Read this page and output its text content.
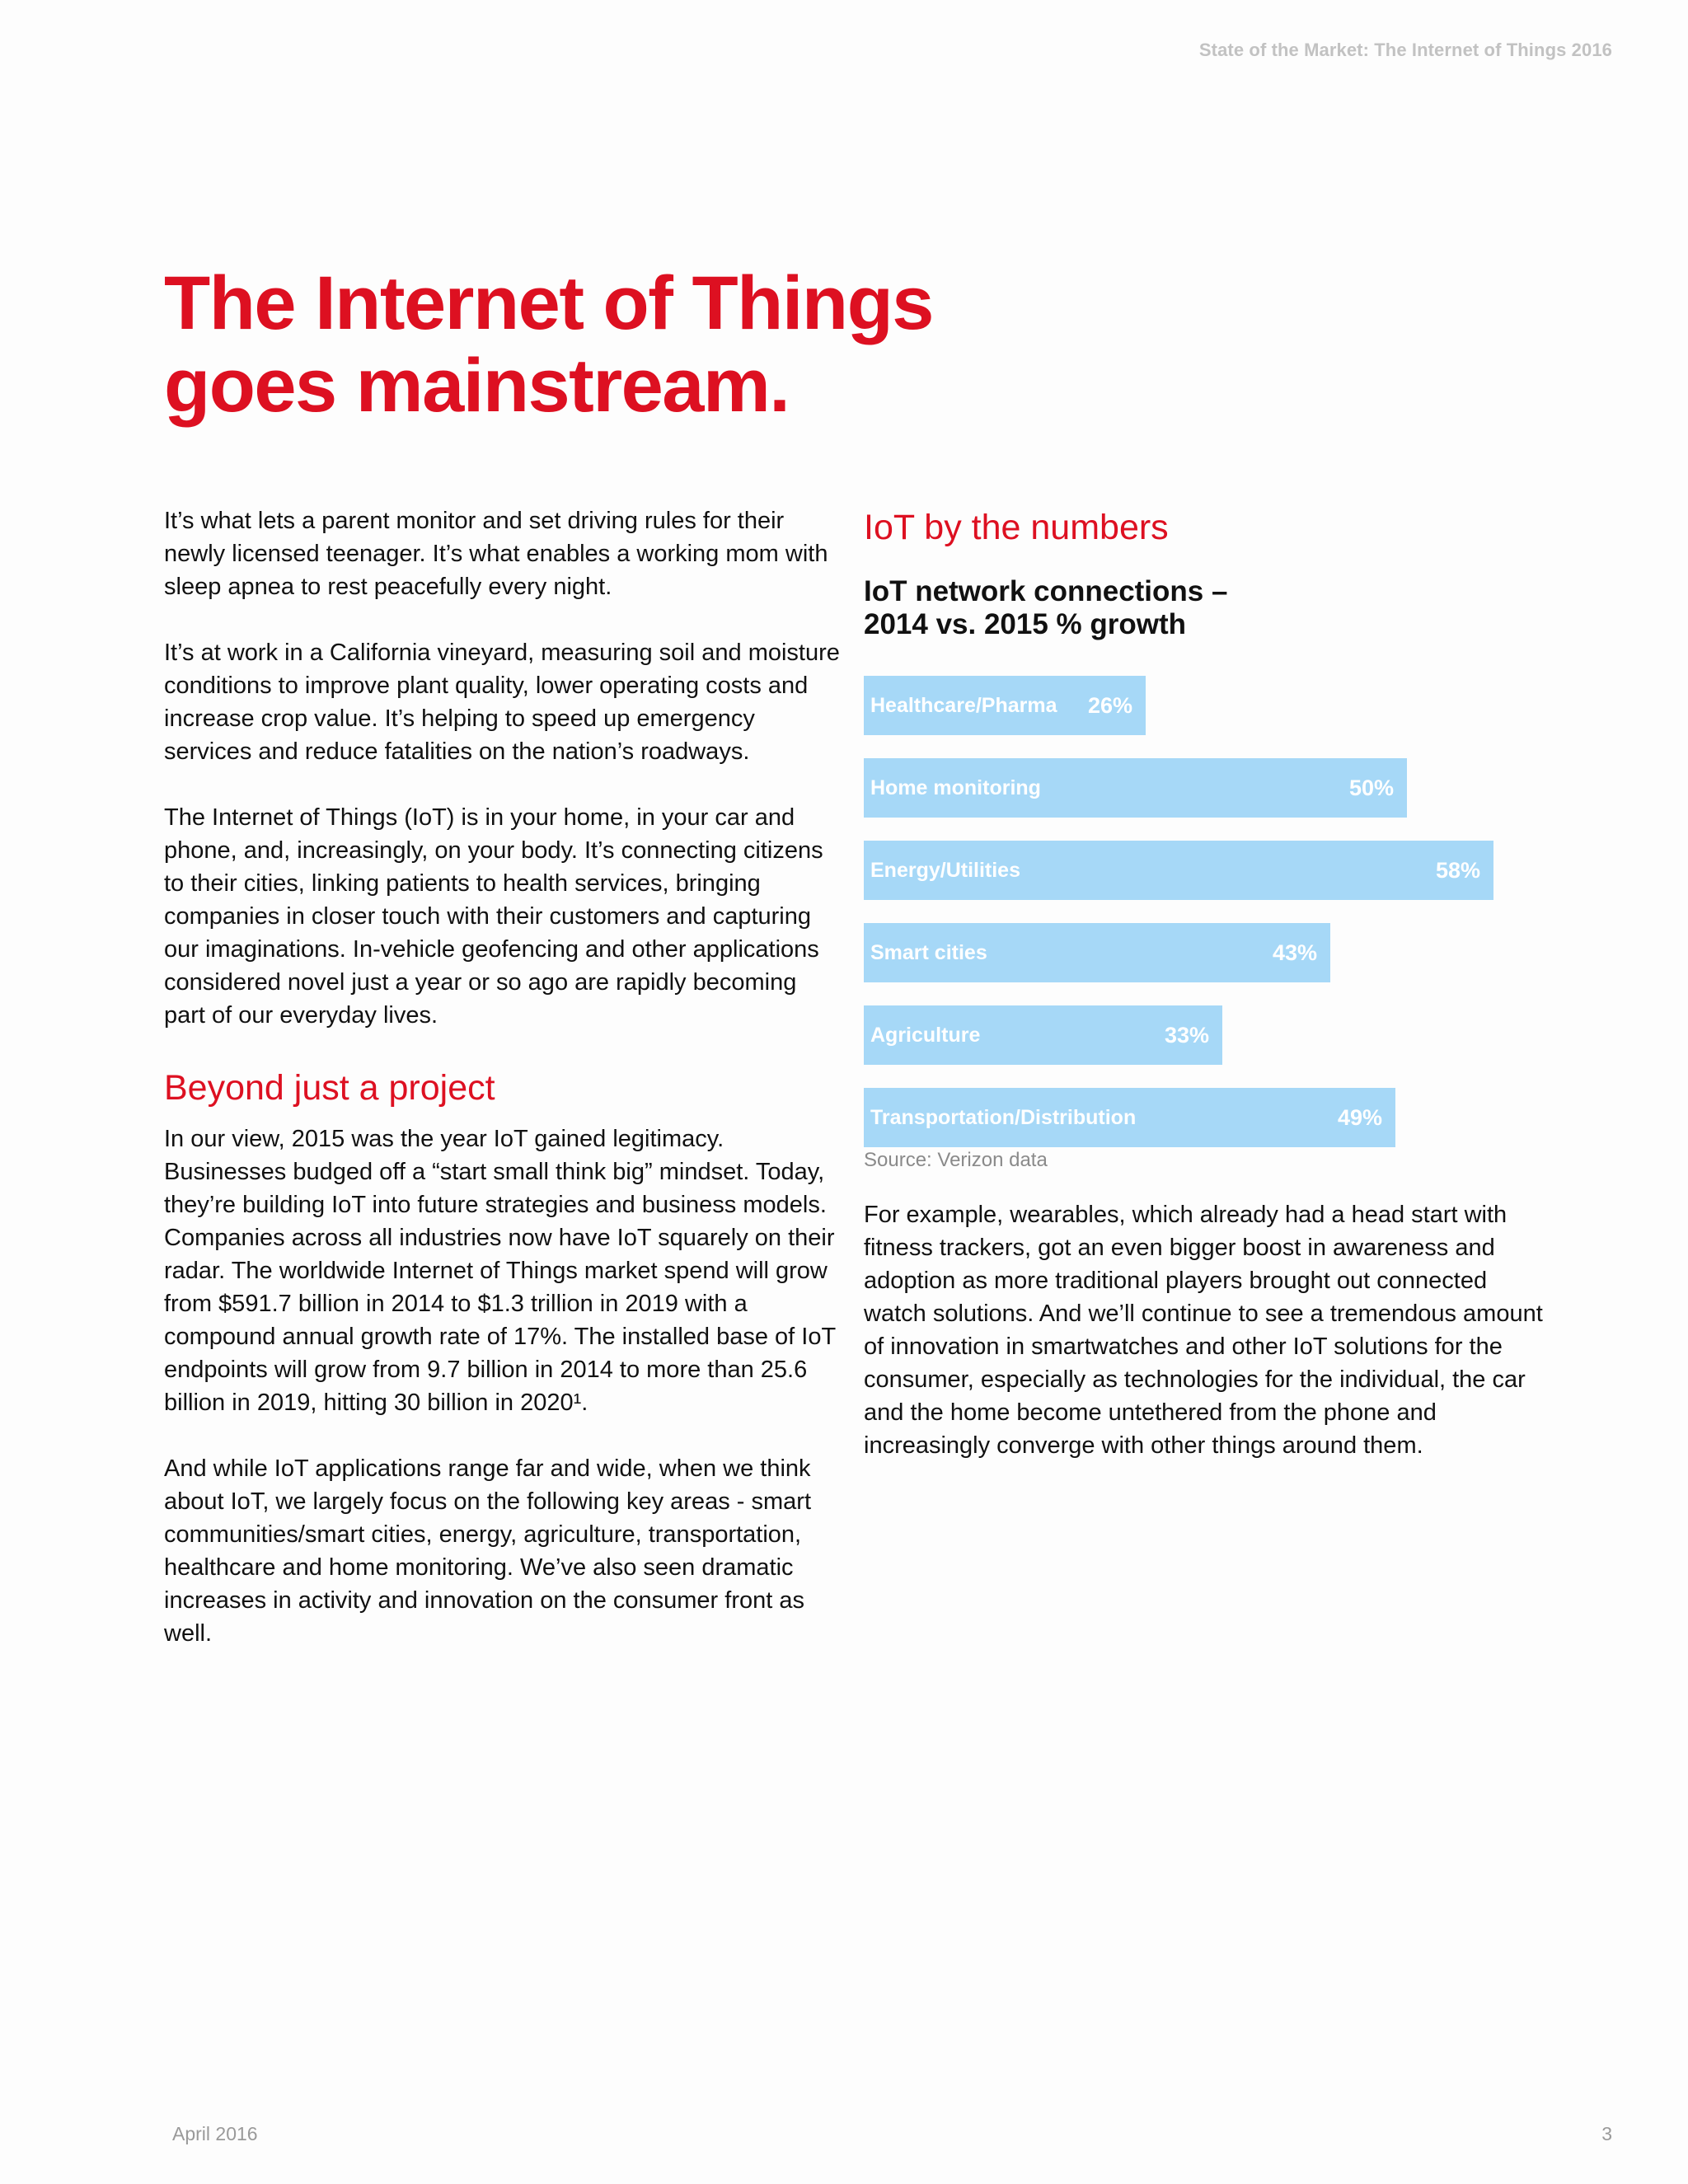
State of the Market: The Internet of Things 2016
The Internet of Things
goes mainstream.

It’s what lets a parent monitor and set driving rules for their newly licensed teenager. It’s what enables a working mom with sleep apnea to rest peacefully every night.

It’s at work in a California vineyard, measuring soil and moisture conditions to improve plant quality, lower operating costs and increase crop value. It’s helping to speed up emergency services and reduce fatalities on the nation’s roadways.

The Internet of Things (IoT) is in your home, in your car and phone, and, increasingly, on your body. It’s connecting citizens to their cities, linking patients to health services, bringing companies in closer touch with their customers and capturing our imaginations. In-vehicle geofencing and other applications considered novel just a year or so ago are rapidly becoming part of our everyday lives.

Beyond just a project

In our view, 2015 was the year IoT gained legitimacy. Businesses budged off a “start small think big” mindset. Today, they’re building IoT into future strategies and business models. Companies across all industries now have IoT squarely on their radar. The worldwide Internet of Things market spend will grow from $591.7 billion in 2014 to $1.3 trillion in 2019 with a compound annual growth rate of 17%. The installed base of IoT endpoints will grow from 9.7 billion in 2014 to more than 25.6 billion in 2019, hitting 30 billion in 2020¹.

And while IoT applications range far and wide, when we think about IoT, we largely focus on the following key areas - smart communities/smart cities, energy, agriculture, transportation, healthcare and home monitoring. We’ve also seen dramatic increases in activity and innovation on the consumer front as well.

IoT by the numbers
IoT network connections –
2014 vs. 2015 % growth
Healthcare/Pharma 26%
Home monitoring	50%
Energy/Utilities	58%
Smart cities	43%
Agriculture	33%
Transportation/Distribution	49%

Source: Verizon data

For example, wearables, which already had a head start with fitness trackers, got an even bigger boost in awareness and adoption as more traditional players brought out connected watch solutions. And we’ll continue to see a tremendous amount of innovation in smartwatches and other IoT solutions for the consumer, especially as technologies for the individual, the car and the home become untethered from the phone and increasingly converge with other things around them.

April 2016	3
